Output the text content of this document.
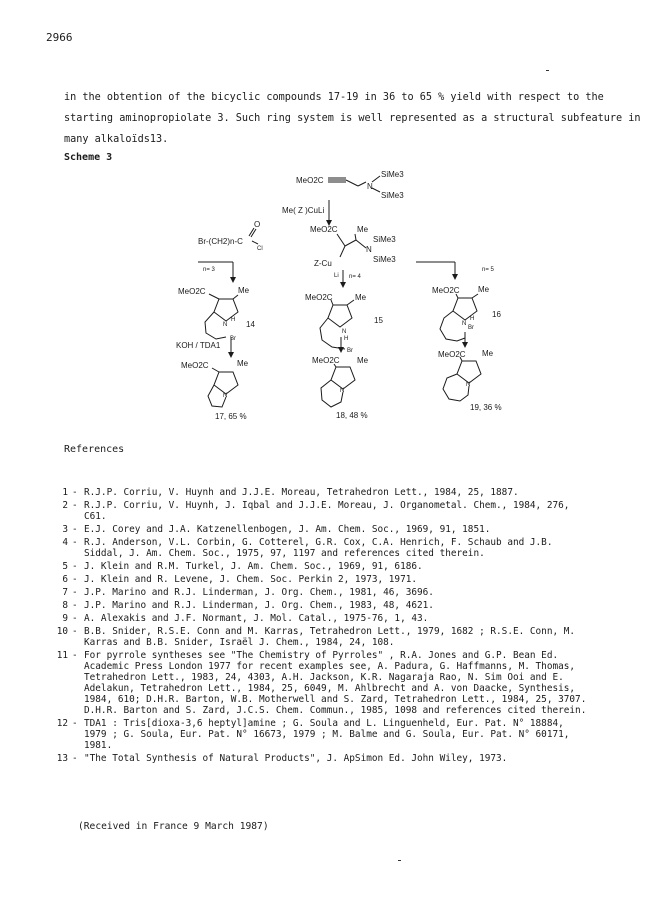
2966
in the obtention of the bicyclic compounds 17-19 in 36 to 65 % yield with respect to the
starting aminopropiolate 3. Such ring system is well represented as a structural subfeature in
many alkaloïds13.
Scheme 3
MeO2C
N
SiMe3
SiMe3
Me( Z )CuLi
Br-(CH2)n-C
O
Cl
n= 3
MeO2C Me
N
SiMe3
SiMe3
Z-Cu
Li
n= 5
n= 4
MeO2C	Me
N
H
Br
14
MeO2C	Me
N
H
Br
15
MeO2C Me
N
H
Br
16
KOH / TDA1
MeO2C	Me
N
17, 65 %
MeO2C Me
N
18, 48 %
MeO2C Me
N
19, 36 %
References
1 - R.J.P. Corriu, V. Huynh and J.J.E. Moreau, Tetrahedron Lett., 1984, 25, 1887.
2 - R.J.P. Corriu, V. Huynh, J. Iqbal and J.J.E. Moreau, J. Organometal. Chem., 1984, 276,
C61.
3 - E.J. Corey and J.A. Katzenellenbogen, J. Am. Chem. Soc., 1969, 91, 1851.
4 - R.J. Anderson, V.L. Corbin, G. Cotterel, G.R. Cox, C.A. Henrich, F. Schaub and J.B.
Siddal, J. Am. Chem. Soc., 1975, 97, 1197 and references cited therein.
5 - J. Klein and R.M. Turkel, J. Am. Chem. Soc., 1969, 91, 6186.
6 - J. Klein and R. Levene, J. Chem. Soc. Perkin 2, 1973, 1971.
7 - J.P. Marino and R.J. Linderman, J. Org. Chem., 1981, 46, 3696.
8 - J.P. Marino and R.J. Linderman, J. Org. Chem., 1983, 48, 4621.
9 - A. Alexakis and J.F. Normant, J. Mol. Catal., 1975-76, 1, 43.
10 - B.B. Snider, R.S.E. Conn and M. Karras, Tetrahedron Lett., 1979, 1682 ; R.S.E. Conn, M.
Karras and B.B. Snider, Israël J. Chem., 1984, 24, 108.
11 - For pyrrole syntheses see "The Chemistry of Pyrroles" , R.A. Jones and G.P. Bean Ed.
Academic Press London 1977 for recent examples see, A. Padura, G. Haffmanns, M. Thomas,
Tetrahedron Lett., 1983, 24, 4303, A.H. Jackson, K.R. Nagaraja Rao, N. Sim Ooi and E.
Adelakun, Tetrahedron Lett., 1984, 25, 6049, M. Ahlbrecht and A. von Daacke, Synthesis,
1984, 610; D.H.R. Barton, W.B. Motherwell and S. Zard, Tetrahedron Lett., 1984, 25, 3707.
D.H.R. Barton and S. Zard, J.C.S. Chem. Commun., 1985, 1098 and references cited therein.
12 - TDA1 : Tris[dioxa-3,6 heptyl]amine ; G. Soula and L. Linguenheld, Eur. Pat. N° 18884,
1979 ; G. Soula, Eur. Pat. N° 16673, 1979 ; M. Balme and G. Soula, Eur. Pat. N° 60171,
1981.
13 - "The Total Synthesis of Natural Products", J. ApSimon Ed. John Wiley, 1973.
(Received in France 9 March 1987)
